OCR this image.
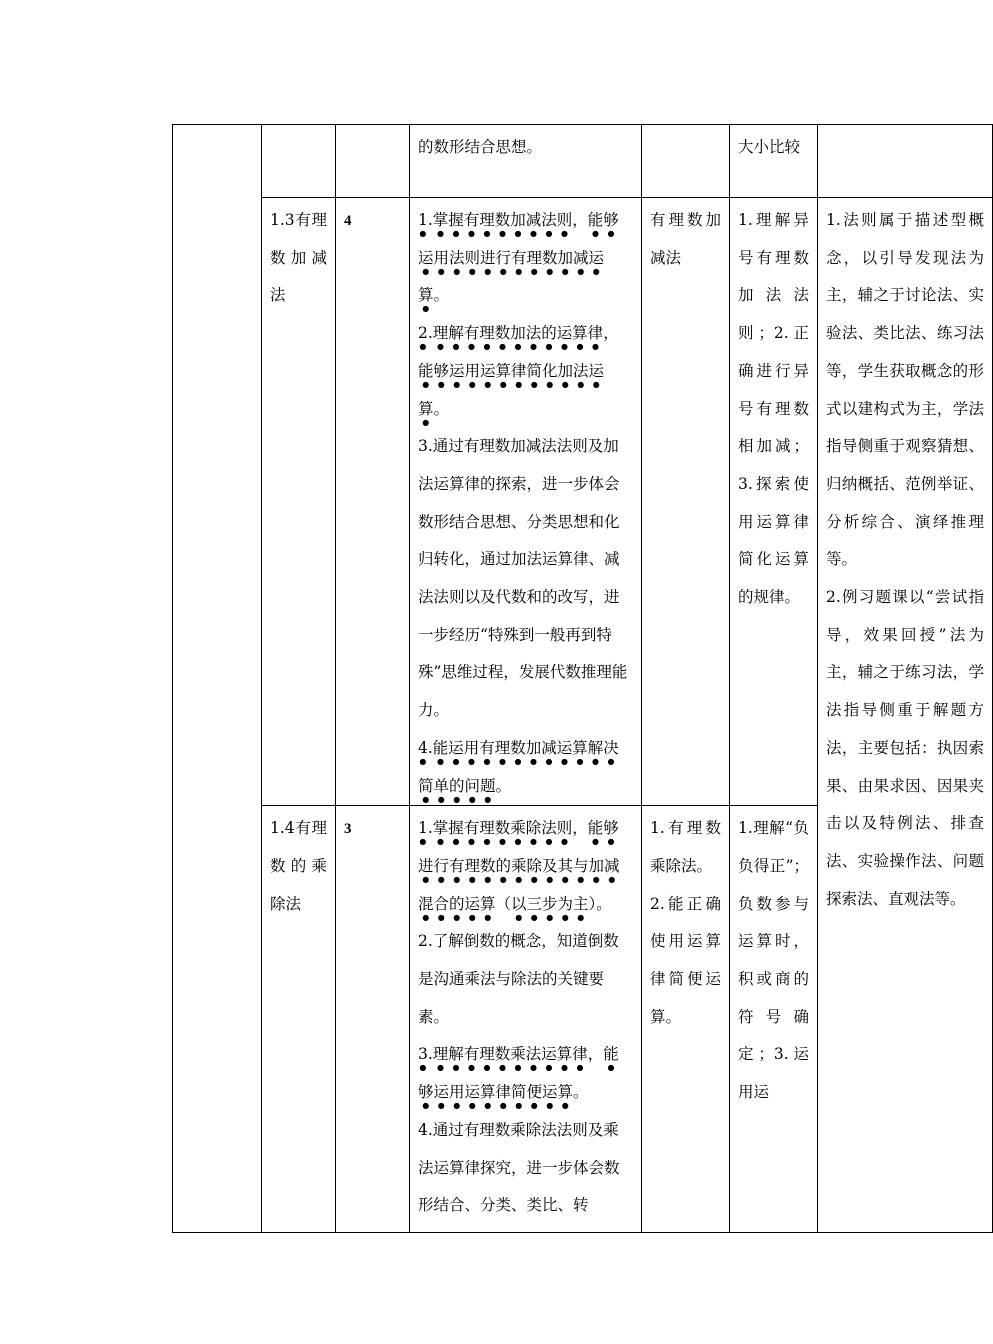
			的数形结合思想。		大小比较	

	1.3有理数加减法	4	1.掌握有理数加减法则，能够运用法则进行有理数加减运算。
2.理解有理数加法的运算律，能够运用运算律简化加法运算。
3.通过有理数加减法法则及加法运算律的探索，进一步体会数形结合思想、分类思想和化归转化，通过加法运算律、减法法则以及代数和的改写，进一步经历“特殊到一般再到特殊”思维过程，发展代数推理能力。
4.能运用有理数加减运算解决简单的问题。	有理数加减法	1.理解异号有理数加法法则；2.正确进行异号有理数相加减；3.探索使用运算律简化运算的规律。	1.法则属于描述型概念，以引导发现法为主，辅之于讨论法、实验法、类比法、练习法等，学生获取概念的形式以建构式为主，学法指导侧重于观察猜想、归纳概括、范例举证、分析综合、演绎推理等。
2.例习题课以“尝试指导，效果回授”法为主，辅之于练习法，学法指导侧重于解题方法，主要包括：执因索果、由果求因、因果夹击以及特例法、排查法、实验操作法、问题探索法、直观法等。

	1.4有理数的乘除法	3	1.掌握有理数乘除法则，能够进行有理数的乘除及其与加减混合的运算（以三步为主）。
2.了解倒数的概念，知道倒数是沟通乘法与除法的关键要素。
3.理解有理数乘法运算律，能够运用运算律简便运算。
4.通过有理数乘除法法则及乘法运算律探究，进一步体会数形结合、分类、类比、转	1.有理数乘除法。
2.能正确使用运算律简便运算。	1.理解“负负得正”；负数参与运算时，积或商的符号确定；3.运用运	
